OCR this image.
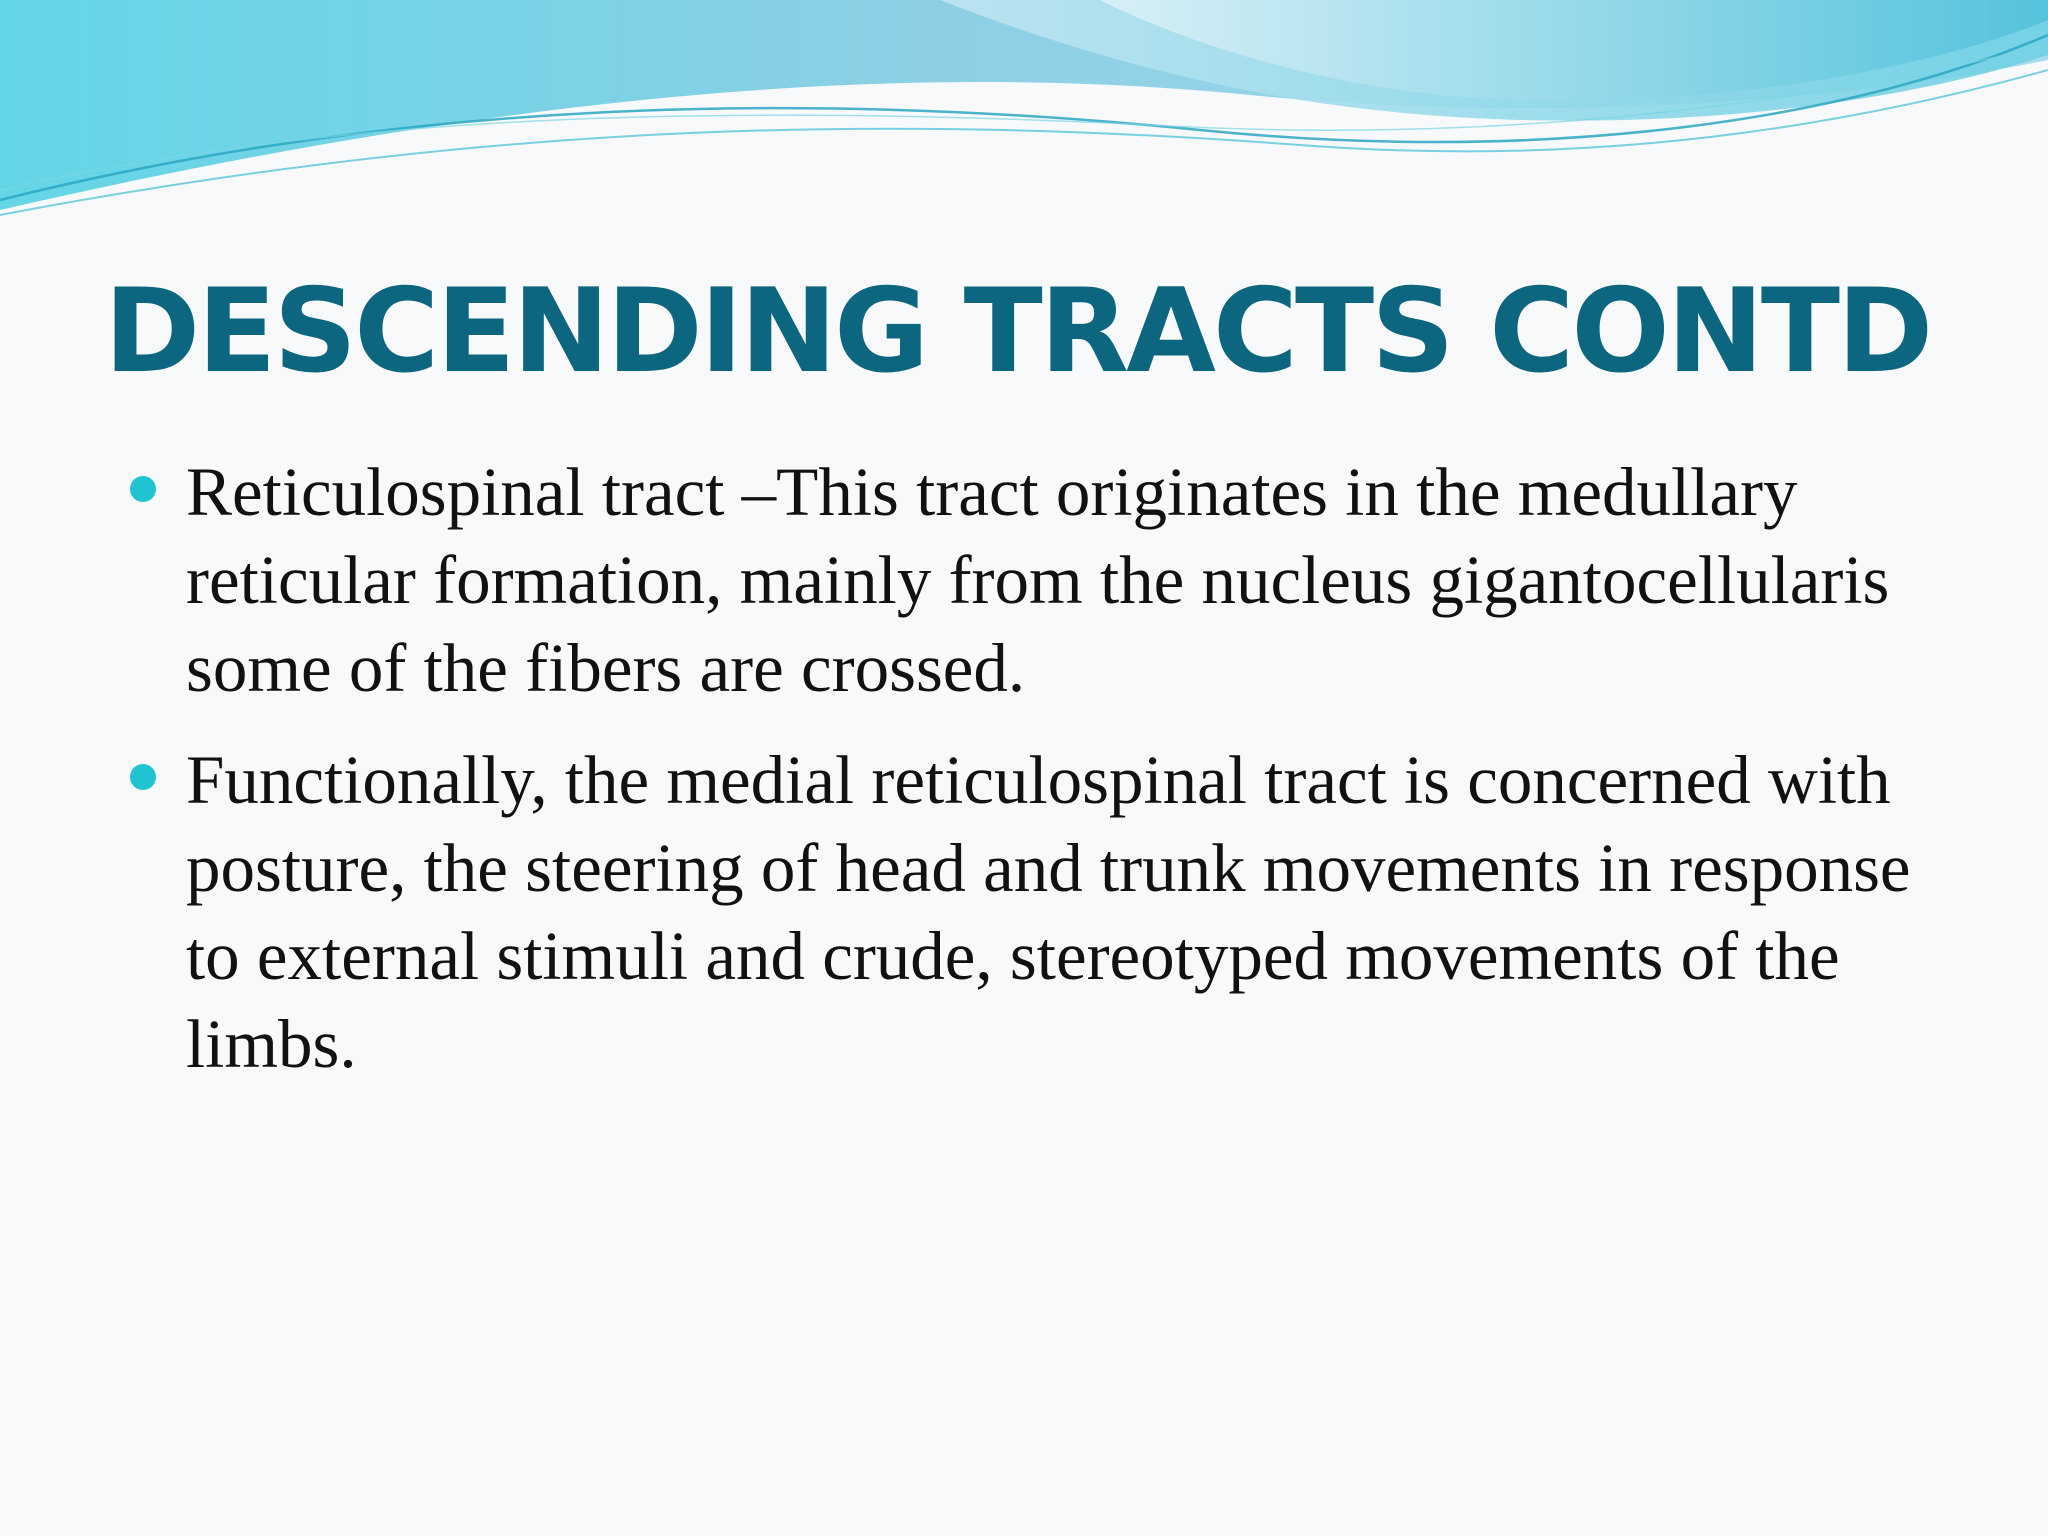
DESCENDING TRACTS CONTD
Reticulospinal tract –This tract originates in the medullary reticular formation, mainly from the nucleus gigantocellularis some of the fibers are crossed.
Functionally, the medial reticulospinal tract is concerned with posture, the steering of head and trunk movements in response to external stimuli and crude, stereotyped movements of the limbs.
